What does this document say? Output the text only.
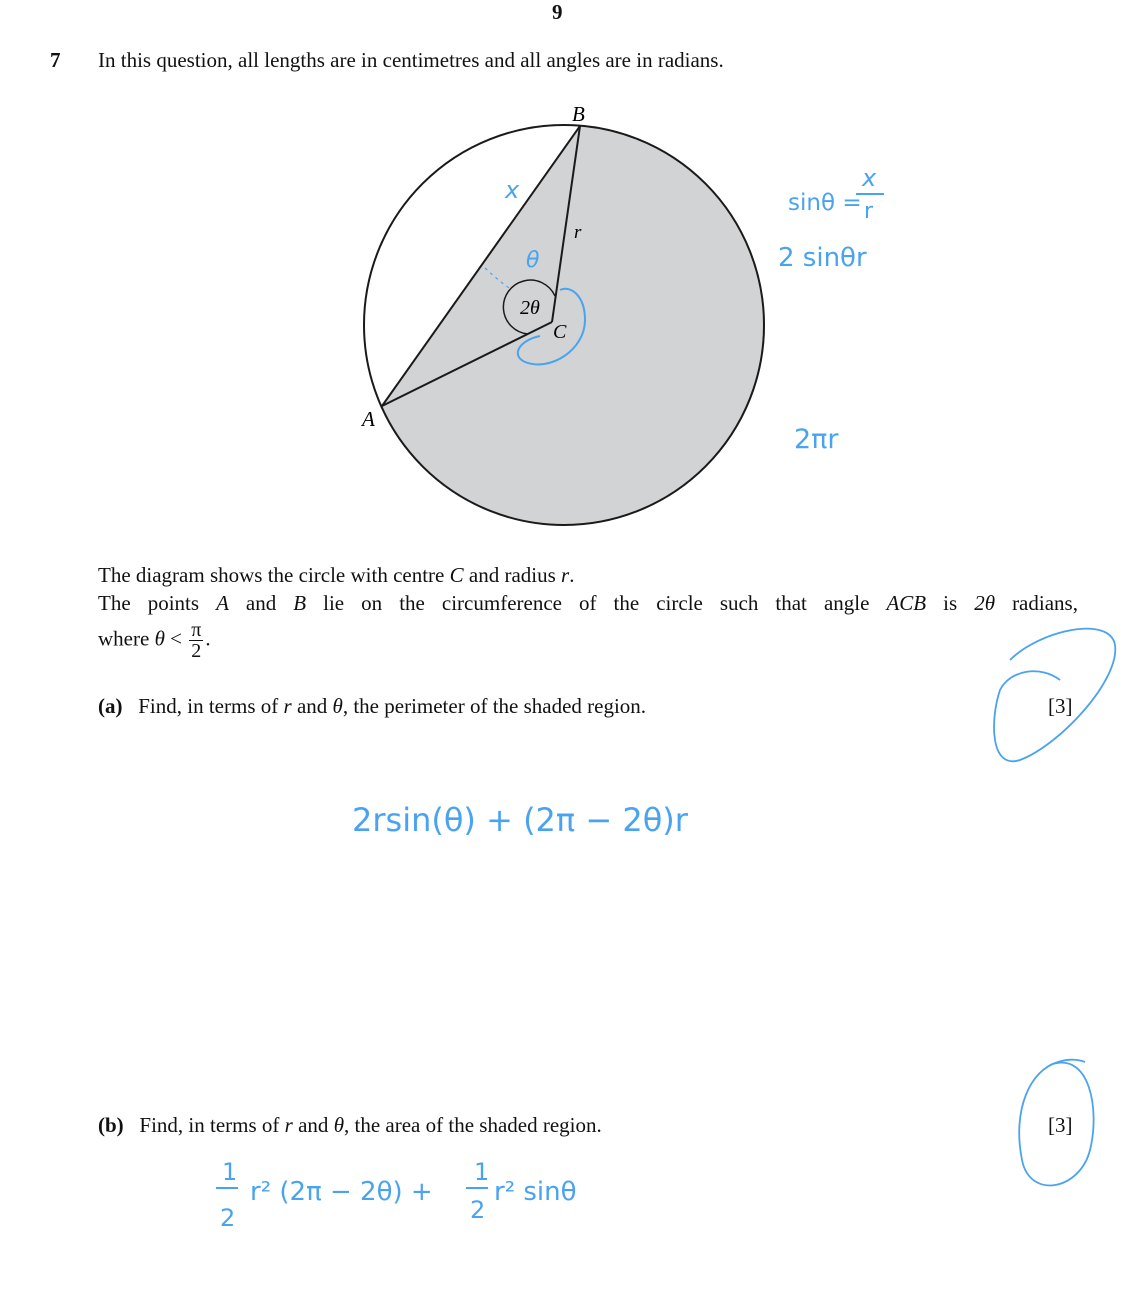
9
7 In this question, all lengths are in centimetres and all angles are in radians.
B
A
C
r
2θ
x
θ
sinθ =
x
r
2 sinθr
2πr
2rsin(θ) + (2π − 2θ)r
1
2
r² (2π − 2θ) +
1
2
r² sinθ
The diagram shows the circle with centre C and radius r.
The points A and B lie on the circumference of the circle such that angle ACB is 2θ radians,
where $\theta < \frac{\pi}{2}$ .
(a) Find, in terms of r and θ, the perimeter of the shaded region.	[3]
(b) Find, in terms of r and θ, the area of the shaded region.	[3]
